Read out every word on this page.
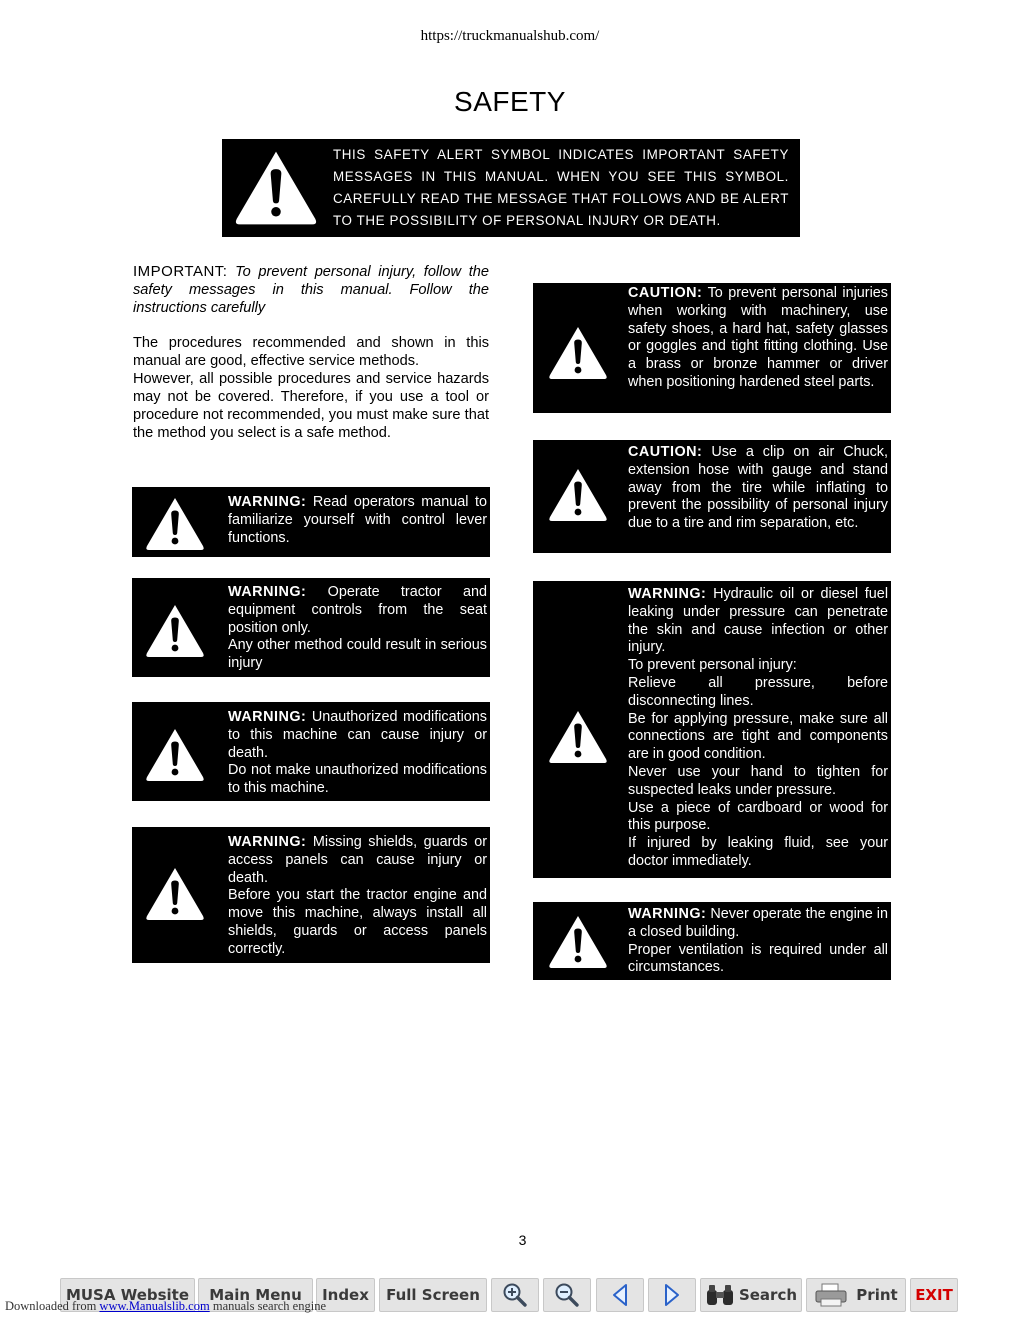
https://truckmanualshub.com/
SAFETY
THIS SAFETY ALERT SYMBOL INDICATES IMPORTANT SAFETY MESSAGES IN THIS MANUAL. WHEN YOU SEE THIS SYMBOL. CAREFULLY READ THE MESSAGE THAT FOLLOWS AND BE ALERT TO THE POSSIBILITY OF PERSONAL INJURY OR DEATH.
IMPORTANT: To prevent personal injury, follow the safety messages in this manual. Follow the instructions carefully

The procedures recommended and shown in this manual are good, effective service methods.

However, all possible procedures and service hazards may not be covered. Therefore, if you use a tool or procedure not recommended, you must make sure that the method you select is a safe method.

WARNING: Read operators manual to familiarize yourself with control lever functions.
WARNING: Operate tractor and equipment controls from the seat position only.
Any other method could result in serious injury
WARNING: Unauthorized modifications to this machine can cause injury or death.
Do not make unauthorized modifications to this machine.
WARNING: Missing shields, guards or access panels can cause injury or death.
Before you start the tractor engine and move this machine, always install all shields, guards or access panels correctly.
CAUTION: To prevent personal injuries when working with machinery, use safety shoes, a hard hat, safety glasses or goggles and tight fitting clothing. Use a brass or bronze hammer or driver when positioning hardened steel parts.
CAUTION: Use a clip on air Chuck, extension hose with gauge and stand away from the tire while inflating to prevent the possibility of personal injury due to a tire and rim separation, etc.
WARNING: Hydraulic oil or diesel fuel leaking under pressure can penetrate the skin and cause infection or other injury.
To prevent personal injury:
Relieve all pressure, before disconnecting lines.
Be for applying pressure, make sure all connections are tight and components are in good condition.
Never use your hand to tighten for suspected leaks under pressure.
Use a piece of cardboard or wood for this purpose.
If injured by leaking fluid, see your doctor immediately.
WARNING: Never operate the engine in a closed building.
Proper ventilation is required under all circumstances.
3
MUSA Website	Main Menu	Index	Full Screen	Search	Print	EXIT
Downloaded from www.Manualslib.com manuals search engine
